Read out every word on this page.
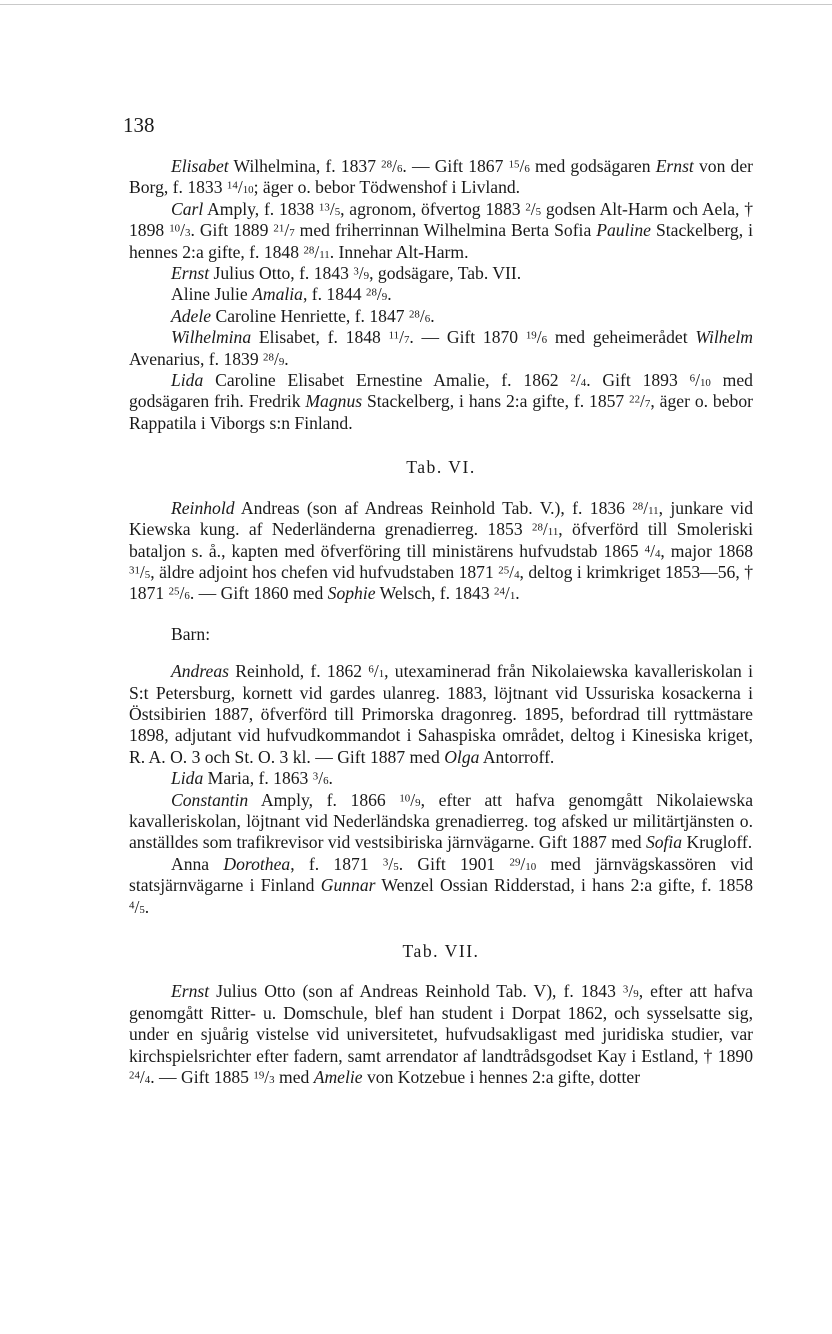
138

Elisabet Wilhelmina, f. 1837 $^{28}$/6. — Gift 1867 $^{15}$/6 med godsägaren Ernst von der Borg, f. 1833 $^{14}$/10; äger o. bebor Tödwenshof i Livland.

Carl Amply, f. 1838 $^{13}$/5, agronom, öfvertog 1883 $^2$/5 godsen Alt-Harm och Aela, † 1898 $^{10}$/3. Gift 1889 $^{21}$/7 med friherrinnan Wilhelmina Berta Sofia Pauline Stackelberg, i hennes 2:a gifte, f. 1848 $^{28}$/11. Innehar Alt-Harm.

Ernst Julius Otto, f. 1843 $^3$/9, godsägare, Tab. VII.

Aline Julie Amalia, f. 1844 $^{28}$/9.

Adele Caroline Henriette, f. 1847 $^{28}$/6.

Wilhelmina Elisabet, f. 1848 $^{11}$/7. — Gift 1870 $^{19}$/6 med geheimerådet Wilhelm Avenarius, f. 1839 $^{28}$/9.

Lida Caroline Elisabet Ernestine Amalie, f. 1862 $^2$/4. Gift 1893 $^6$/10 med godsägaren frih. Fredrik Magnus Stackelberg, i hans 2:a gifte, f. 1857 $^{22}$/7, äger o. bebor Rappatila i Viborgs s:n Finland.

Tab. VI.

Reinhold Andreas (son af Andreas Reinhold Tab. V.), f. 1836 $^{28}$/11, junkare vid Kiewska kung. af Nederländerna grenadierreg. 1853 $^{28}$/11, öfverförd till Smoleriski bataljon s. å., kapten med öfverföring till ministärens hufvudstab 1865 $^4$/4, major 1868 $^{31}$/5, äldre adjoint hos chefen vid hufvudstaben 1871 $^{25}$/4, deltog i krimkriget 1853—56, † 1871 $^{25}$/6. — Gift 1860 med Sophie Welsch, f. 1843 $^{24}$/1.

Barn:

Andreas Reinhold, f. 1862 $^6$/1, utexaminerad från Nikolaiewska kavalleriskolan i S:t Petersburg, kornett vid gardes ulanreg. 1883, löjtnant vid Ussuriska kosackerna i Östsibirien 1887, öfverförd till Primorska dragonreg. 1895, befordrad till ryttmästare 1898, adjutant vid hufvudkommandot i Sahaspiska området, deltog i Kinesiska kriget, R. A. O. 3 och St. O. 3 kl. — Gift 1887 med Olga Antorroff.

Lida Maria, f. 1863 $^3$/6.

Constantin Amply, f. 1866 $^{10}$/9, efter att hafva genomgått Nikolaiewska kavalleriskolan, löjtnant vid Nederländska grenadierreg. tog afsked ur militärtjänsten o. anställdes som trafikrevisor vid vestsibiriska järnvägarne. Gift 1887 med Sofia Krugloff.

Anna Dorothea, f. 1871 $^3$/5. Gift 1901 $^{29}$/10 med järnvägskassören vid statsjärnvägarne i Finland Gunnar Wenzel Ossian Ridderstad, i hans 2:a gifte, f. 1858 $^4$/5.

Tab. VII.

Ernst Julius Otto (son af Andreas Reinhold Tab. V), f. 1843 $^3$/9, efter att hafva genomgått Ritter- u. Domschule, blef han student i Dorpat 1862, och sysselsatte sig, under en sjuårig vistelse vid universitetet, hufvudsakligast med juridiska studier, var kirchspielsrichter efter fadern, samt arrendator af landtrådsgodset Kay i Estland, † 1890 $^{24}$/4. — Gift 1885 $^{19}$/3 med Amelie von Kotzebue i hennes 2:a gifte, dotter
